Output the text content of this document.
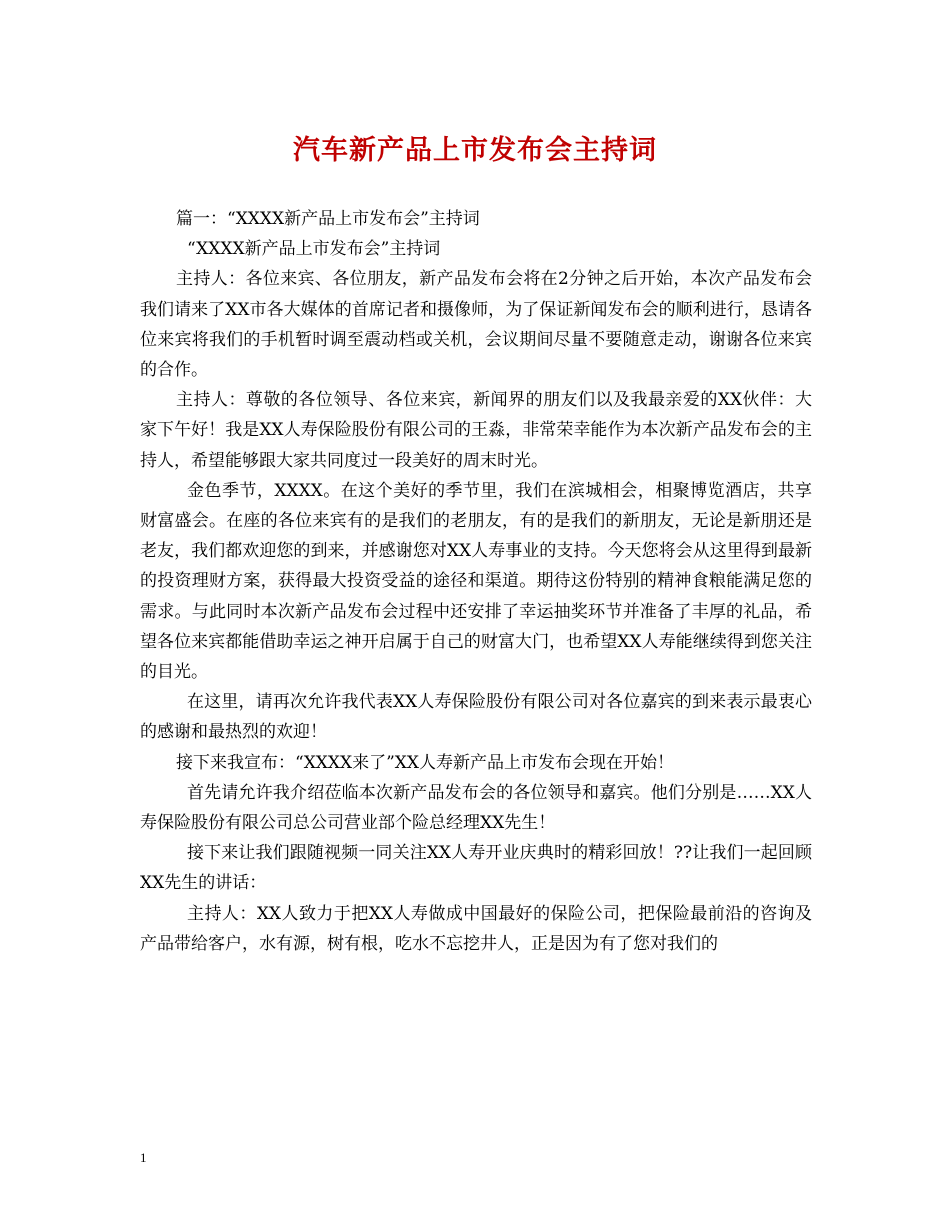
汽车新产品上市发布会主持词

篇一：“XXXX新产品上市发布会”主持词

“XXXX新产品上市发布会”主持词

主持人：各位来宾、各位朋友，新产品发布会将在2分钟之后开始，本次产品发布会我们请来了XX市各大媒体的首席记者和摄像师，为了保证新闻发布会的顺利进行，恳请各位来宾将我们的手机暂时调至震动档或关机，会议期间尽量不要随意走动，谢谢各位来宾的合作。

主持人：尊敬的各位领导、各位来宾，新闻界的朋友们以及我最亲爱的XX伙伴：大家下午好！我是XX人寿保险股份有限公司的王淼，非常荣幸能作为本次新产品发布会的主持人，希望能够跟大家共同度过一段美好的周末时光。

金色季节，XXXX。在这个美好的季节里，我们在滨城相会，相聚博览酒店，共享财富盛会。在座的各位来宾有的是我们的老朋友，有的是我们的新朋友，无论是新朋还是老友，我们都欢迎您的到来，并感谢您对XX人寿事业的支持。今天您将会从这里得到最新的投资理财方案，获得最大投资受益的途径和渠道。期待这份特别的精神食粮能满足您的需求。与此同时本次新产品发布会过程中还安排了幸运抽奖环节并准备了丰厚的礼品，希望各位来宾都能借助幸运之神开启属于自己的财富大门，也希望XX人寿能继续得到您关注的目光。

在这里，请再次允许我代表XX人寿保险股份有限公司对各位嘉宾的到来表示最衷心的感谢和最热烈的欢迎！

接下来我宣布：“XXXX来了”XX人寿新产品上市发布会现在开始！

首先请允许我介绍莅临本次新产品发布会的各位领导和嘉宾。他们分别是……XX人寿保险股份有限公司总公司营业部个险总经理XX先生！

接下来让我们跟随视频一同关注XX人寿开业庆典时的精彩回放！??让我们一起回顾XX先生的讲话：

主持人：XX人致力于把XX人寿做成中国最好的保险公司，把保险最前沿的咨询及产品带给客户，水有源，树有根，吃水不忘挖井人，正是因为有了您对我们的

1
